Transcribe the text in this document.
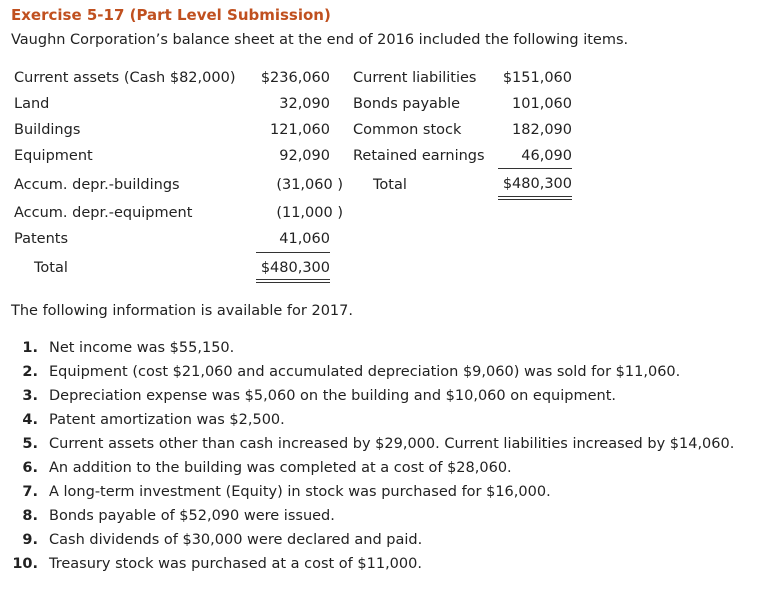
Exercise 5-17 (Part Level Submission)
Vaughn Corporation’s balance sheet at the end of 2016 included the following items.
Current assets (Cash $82,000)	$236,060
Land	32,090
Buildings	121,060
Equipment	92,090
Accum. depr.-buildings	(31,060 )
Accum. depr.-equipment	(11,000 )
Patents	41,060
Total	$480,300
Current liabilities	$151,060
Bonds payable	101,060
Common stock	182,090
Retained earnings	46,090
Total	$480,300
The following information is available for 2017.
1. Net income was $55,150.
2. Equipment (cost $21,060 and accumulated depreciation $9,060) was sold for $11,060.
3. Depreciation expense was $5,060 on the building and $10,060 on equipment.
4. Patent amortization was $2,500.
5. Current assets other than cash increased by $29,000. Current liabilities increased by $14,060.
6. An addition to the building was completed at a cost of $28,060.
7. A long-term investment (Equity) in stock was purchased for $16,000.
8. Bonds payable of $52,090 were issued.
9. Cash dividends of $30,000 were declared and paid.
10. Treasury stock was purchased at a cost of $11,000.
